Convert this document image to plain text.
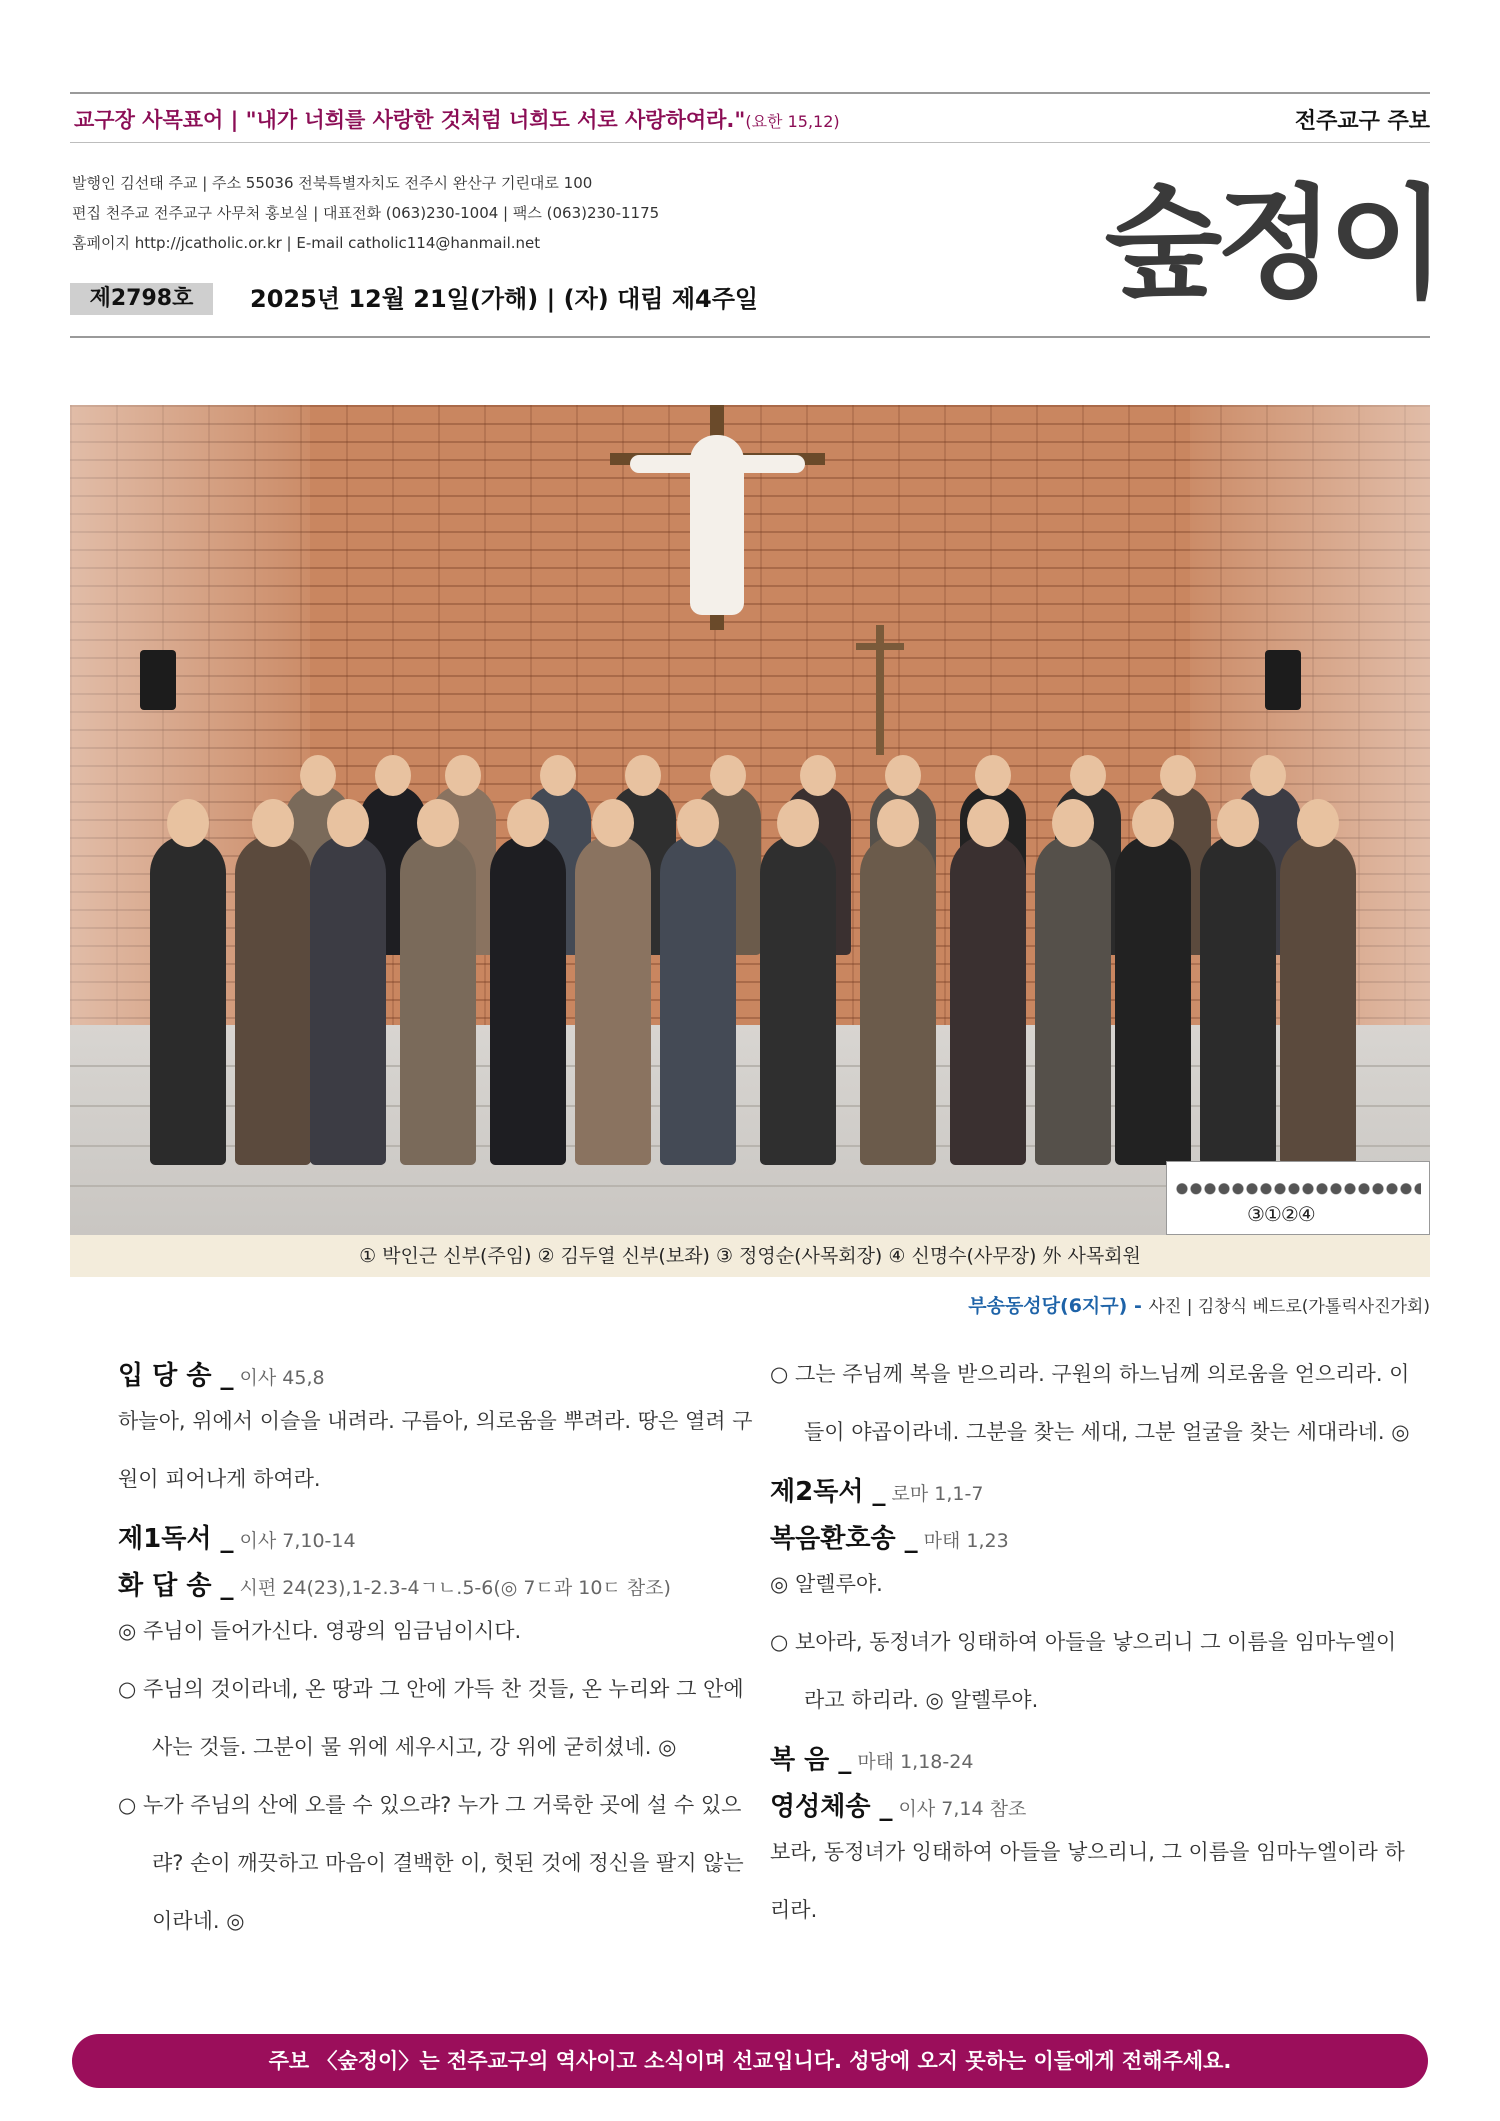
교구장 사목표어 | "내가 너희를 사랑한 것처럼 너희도 서로 사랑하여라."(요한 15,12)	전주교구 주보
발행인 김선태 주교 | 주소 55036 전북특별자치도 전주시 완산구 기린대로 100
편집 천주교 전주교구 사무처 홍보실 | 대표전화 (063)230-1004 | 팩스 (063)230-1175
홈페이지 http://jcatholic.or.kr | E-mail catholic114@hanmail.net	숲정이
제2798호	2025년 12월 21일(가해) | (자) 대림 제4주일
③①②④
① 박인근 신부(주임) ② 김두열 신부(보좌) ③ 정영순(사목회장) ④ 신명수(사무장) 外 사목회원
부송동성당(6지구) - 사진 | 김창식 베드로(가톨릭사진가회)
입 당 송 _ 이사 45,8
하늘아, 위에서 이슬을 내려라. 구름아, 의로움을 뿌려라. 땅은 열려 구원이 피어나게 하여라.
제1독서 _ 이사 7,10-14
화 답 송 _ 시편 24(23),1-2.3-4ㄱㄴ.5-6(◎ 7ㄷ과 10ㄷ 참조)
◎ 주님이 들어가신다. 영광의 임금님이시다.
○ 주님의 것이라네, 온 땅과 그 안에 가득 찬 것들, 온 누리와 그 안에 사는 것들. 그분이 물 위에 세우시고, 강 위에 굳히셨네. ◎
○ 누가 주님의 산에 오를 수 있으랴? 누가 그 거룩한 곳에 설 수 있으랴? 손이 깨끗하고 마음이 결백한 이, 헛된 것에 정신을 팔지 않는 이라네. ◎
○ 그는 주님께 복을 받으리라. 구원의 하느님께 의로움을 얻으리라. 이들이 야곱이라네. 그분을 찾는 세대, 그분 얼굴을 찾는 세대라네. ◎
제2독서 _ 로마 1,1-7
복음환호송 _ 마태 1,23
◎ 알렐루야.
○ 보아라, 동정녀가 잉태하여 아들을 낳으리니 그 이름을 임마누엘이라고 하리라. ◎ 알렐루야.
복 음 _ 마태 1,18-24
영성체송 _ 이사 7,14 참조
보라, 동정녀가 잉태하여 아들을 낳으리니, 그 이름을 임마누엘이라 하리라.
주보 〈숲정이〉는 전주교구의 역사이고 소식이며 선교입니다. 성당에 오지 못하는 이들에게 전해주세요.
